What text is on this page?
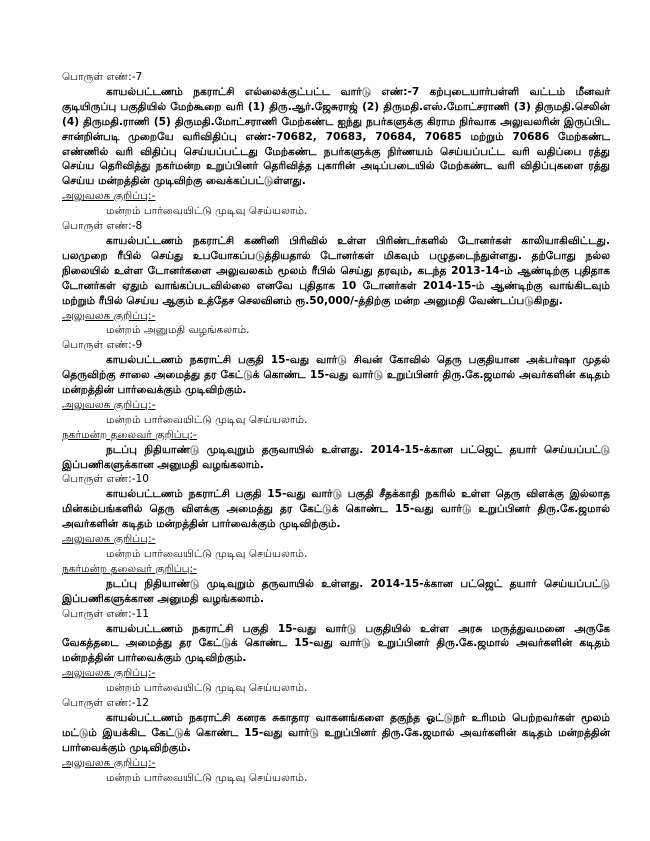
பொருள் எண்:-7

காயல்பட்டணம் நகராட்சி எல்லைக்குட்பட்ட வார்டு எண்:-7 கற்புடையார்பள்ளி வட்டம் மீனவர் குடியிருப்பு பகுதியில் மேற்கூறை வரி (1) திரு.ஆர்.ஜேசுராஜ் (2) திருமதி.எஸ்.மோட்சராணி (3) திருமதி.செலின் (4) திருமதி.ராணி (5) திருமதி.மோட்சராணி மேற்கண்ட ஐந்து நபர்களுக்கு கிராம நிர்வாக அலுவலரின் இருப்பிட சான்றின்படி முறையே வரிவிதிப்பு எண்:-70682, 70683, 70684, 70685 மற்றும் 70686 மேற்கண்ட எண்ணில் வரி விதிப்பு செய்யப்பட்டது மேற்கண்ட நபர்களுக்கு நிர்ணயம் செய்யப்பட்ட வரி வதிப்பை ரத்து செய்ய தெரிவித்து நகர்மன்ற உறுப்பினர் தெரிவித்த புகாரின் அடிப்படையில் மேற்கண்ட வரி விதிப்புகளை ரத்து செய்ய மன்றத்தின் முடிவிற்கு வைக்கப்பட்டுள்ளது.

அலுவலக குறிப்பு:-

மன்றம் பார்வையிட்டு முடிவு செய்யலாம்.

பொருள் எண்:-8

காயல்பட்டணம் நகராட்சி கணினி பிரிவில் உள்ள பிரிண்டர்களில் டோனர்கள் காலியாகிவிட்டது. பலமுறை ரீபில் செய்து உபயோகப்படுத்தியதால் டோனர்கள் மிகவும் பழுதடைந்துள்ளது. தற்போது நல்ல நிலையில் உள்ள டோனர்களை அலுவலகம் மூலம் ரீபில் செய்து தரவும், கடந்த 2013-14-ம் ஆண்டிற்கு புதிதாக டோனர்கள் ஏதும் வாங்கப்படவில்லை எனவே புதிதாக 10 டோனர்கள் 2014-15-ம் ஆண்டிற்கு வாங்கிடவும் மற்றும் ரீபில் செய்ய ஆகும் உத்தேச செலவினம் ரூ.50,000/-த்திற்கு மன்ற அனுமதி வேண்டப்படுகிறது.

அலுவலக குறிப்பு:-

மன்றம் அனுமதி வழங்கலாம்.

பொருள் எண்:-9

காயல்பட்டணம் நகராட்சி பகுதி 15-வது வார்டு சிவன் கோவில் தெரு பகுதியான அக்பர்ஷா முதல் தெருவிற்கு சாலை அமைத்து தர கேட்டுக் கொண்ட 15-வது வார்டு உறுப்பினர் திரு.கே.ஜமால் அவர்களின் கடிதம் மன்றத்தின் பார்வைக்கும் முடிவிற்கும்.

அலுவலக குறிப்பு:-

மன்றம் பார்வையிட்டு முடிவு செய்யலாம்.

நகர்மன்ற தலைவர் குறிப்பு:-

நடப்பு நிதியாண்டு முடிவுறும் தருவாயில் உள்ளது. 2014-15-க்கான பட்ஜெட் தயார் செய்யப்பட்டு இப்பணிகளுக்கான அனுமதி வழங்கலாம்.

பொருள் எண்:-10

காயல்பட்டணம் நகராட்சி பகுதி 15-வது வார்டு பகுதி சீதக்காதி நகரில் உள்ள தெரு விளக்கு இல்லாத மின்கம்பங்களில் தெரு விளக்கு அமைத்து தர கேட்டுக் கொண்ட 15-வது வார்டு உறுப்பினர் திரு.கே.ஜமால் அவர்களின் கடிதம் மன்றத்தின் பார்வைக்கும் முடிவிற்கும்.

அலுவலக குறிப்பு:-

மன்றம் பார்வையிட்டு முடிவு செய்யலாம்.

நகர்மன்ற தலைவர் குறிப்பு:-

நடப்பு நிதியாண்டு முடிவுறும் தருவாயில் உள்ளது. 2014-15-க்கான பட்ஜெட் தயார் செய்யப்பட்டு இப்பணிகளுக்கான அனுமதி வழங்கலாம்.

பொருள் எண்:-11

காயல்பட்டணம் நகராட்சி பகுதி 15-வது வார்டு பகுதியில் உள்ள அரசு மருத்துவமனை அருகே வேகத்தடை அமைத்து தர கேட்டுக் கொண்ட 15-வது வார்டு உறுப்பினர் திரு.கே.ஜமால் அவர்களின் கடிதம் மன்றத்தின் பார்வைக்கும் முடிவிற்கும்.

அலுவலக குறிப்பு:-

மன்றம் பார்வையிட்டு முடிவு செய்யலாம்.

பொருள் எண்:-12

காயல்பட்டணம் நகராட்சி கனரக சுகாதார வாகனங்களை தகுந்த ஓட்டுநர் உரிமம் பெற்றவர்கள் மூலம் மட்டும் இயக்கிட கேட்டுக் கொண்ட 15-வது வார்டு உறுப்பினர் திரு.கே.ஜமால் அவர்களின் கடிதம் மன்றத்தின் பார்வைக்கும் முடிவிற்கும்.

அலுவலக குறிப்பு:-

மன்றம் பார்வையிட்டு முடிவு செய்யலாம்.
